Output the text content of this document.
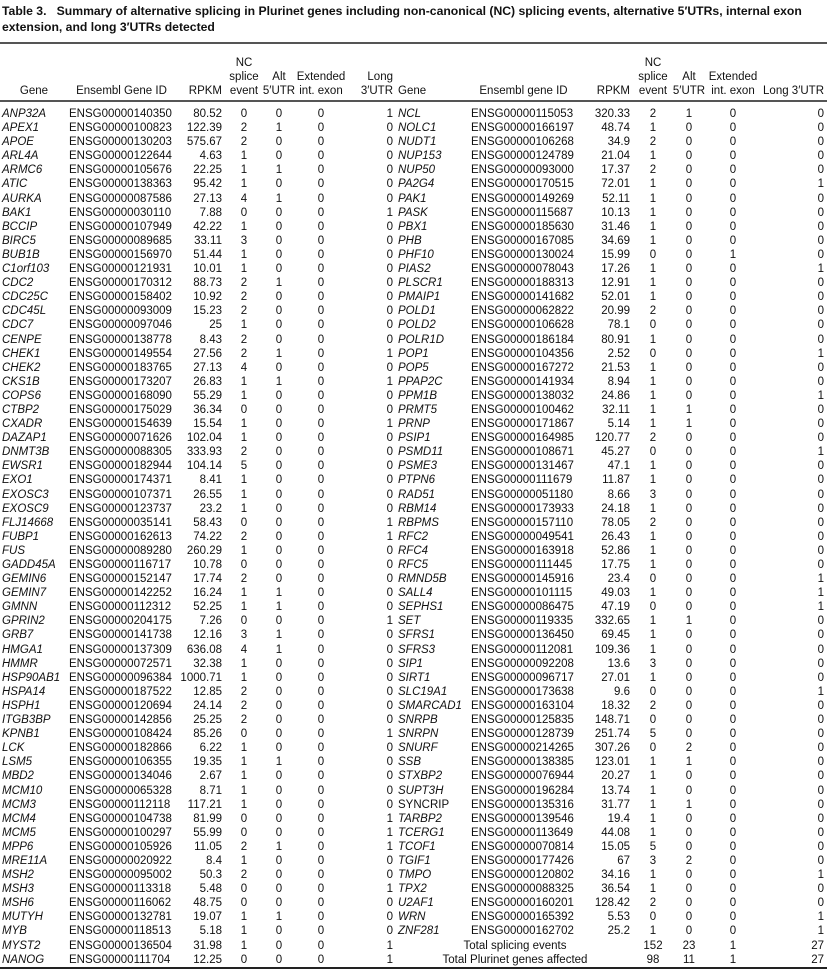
Table 3. Summary of alternative splicing in Plurinet genes including non-canonical (NC) splicing events, alternative 5′UTRs, internal exon extension, and long 3′UTRs detected
Gene	Ensembl Gene ID	RPKM	NC splice event	Alt 5′UTR	Extended int. exon	Long 3′UTR	Gene	Ensembl gene ID	RPKM	NC splice event	Alt 5′UTR	Extended int. exon	Long 3′UTR
ANP32A	ENSG00000140350	80.52	0	0	0	1	NCL	ENSG00000115053	320.33	2	1	0	0
APEX1	ENSG00000100823	122.39	2	1	0	0	NOLC1	ENSG00000166197	48.74	1	0	0	0
APOE	ENSG00000130203	575.67	2	0	0	0	NUDT1	ENSG00000106268	34.9	2	0	0	0
ARL4A	ENSG00000122644	4.63	1	0	0	0	NUP153	ENSG00000124789	21.04	1	0	0	0
ARMC6	ENSG00000105676	22.25	1	1	0	0	NUP50	ENSG00000093000	17.37	2	0	0	0
ATIC	ENSG00000138363	95.42	1	0	0	0	PA2G4	ENSG00000170515	72.01	1	0	0	1
AURKA	ENSG00000087586	27.13	4	1	0	0	PAK1	ENSG00000149269	52.11	1	0	0	0
BAK1	ENSG00000030110	7.88	0	0	0	1	PASK	ENSG00000115687	10.13	1	0	0	0
BCCIP	ENSG00000107949	42.22	1	0	0	0	PBX1	ENSG00000185630	31.46	1	0	0	0
BIRC5	ENSG00000089685	33.11	3	0	0	0	PHB	ENSG00000167085	34.69	1	0	0	0
BUB1B	ENSG00000156970	51.44	1	0	0	0	PHF10	ENSG00000130024	15.99	0	0	1	0
C1orf103	ENSG00000121931	10.01	1	0	0	0	PIAS2	ENSG00000078043	17.26	1	0	0	1
CDC2	ENSG00000170312	88.73	2	1	0	0	PLSCR1	ENSG00000188313	12.91	1	0	0	0
CDC25C	ENSG00000158402	10.92	2	0	0	0	PMAIP1	ENSG00000141682	52.01	1	0	0	0
CDC45L	ENSG00000093009	15.23	2	0	0	0	POLD1	ENSG00000062822	20.99	2	0	0	0
CDC7	ENSG00000097046	25	1	0	0	0	POLD2	ENSG00000106628	78.1	0	0	0	0
CENPE	ENSG00000138778	8.43	2	0	0	0	POLR1D	ENSG00000186184	80.91	1	0	0	0
CHEK1	ENSG00000149554	27.56	2	1	0	1	POP1	ENSG00000104356	2.52	0	0	0	1
CHEK2	ENSG00000183765	27.13	4	0	0	0	POP5	ENSG00000167272	21.53	1	0	0	0
CKS1B	ENSG00000173207	26.83	1	1	0	1	PPAP2C	ENSG00000141934	8.94	1	0	0	0
COPS6	ENSG00000168090	55.29	1	0	0	0	PPM1B	ENSG00000138032	24.86	1	0	0	1
CTBP2	ENSG00000175029	36.34	0	0	0	0	PRMT5	ENSG00000100462	32.11	1	1	0	0
CXADR	ENSG00000154639	15.54	1	0	0	1	PRNP	ENSG00000171867	5.14	1	1	0	0
DAZAP1	ENSG00000071626	102.04	1	0	0	0	PSIP1	ENSG00000164985	120.77	2	0	0	0
DNMT3B	ENSG00000088305	333.93	2	0	0	0	PSMD11	ENSG00000108671	45.27	0	0	0	1
EWSR1	ENSG00000182944	104.14	5	0	0	0	PSME3	ENSG00000131467	47.1	1	0	0	0
EXO1	ENSG00000174371	8.41	1	0	0	0	PTPN6	ENSG00000111679	11.87	1	0	0	0
EXOSC3	ENSG00000107371	26.55	1	0	0	0	RAD51	ENSG00000051180	8.66	3	0	0	0
EXOSC9	ENSG00000123737	23.2	1	0	0	0	RBM14	ENSG00000173933	24.18	1	0	0	0
FLJ14668	ENSG00000035141	58.43	0	0	0	1	RBPMS	ENSG00000157110	78.05	2	0	0	0
FUBP1	ENSG00000162613	74.22	2	0	0	1	RFC2	ENSG00000049541	26.43	1	0	0	0
FUS	ENSG00000089280	260.29	1	0	0	0	RFC4	ENSG00000163918	52.86	1	0	0	0
GADD45A	ENSG00000116717	10.78	0	0	0	0	RFC5	ENSG00000111445	17.75	1	0	0	0
GEMIN6	ENSG00000152147	17.74	2	0	0	0	RMND5B	ENSG00000145916	23.4	0	0	0	1
GEMIN7	ENSG00000142252	16.24	1	1	0	0	SALL4	ENSG00000101115	49.03	1	0	0	1
GMNN	ENSG00000112312	52.25	1	1	0	0	SEPHS1	ENSG00000086475	47.19	0	0	0	1
GPRIN2	ENSG00000204175	7.26	0	0	0	1	SET	ENSG00000119335	332.65	1	1	0	0
GRB7	ENSG00000141738	12.16	3	1	0	0	SFRS1	ENSG00000136450	69.45	1	0	0	0
HMGA1	ENSG00000137309	636.08	4	1	0	0	SFRS3	ENSG00000112081	109.36	1	0	0	0
HMMR	ENSG00000072571	32.38	1	0	0	0	SIP1	ENSG00000092208	13.6	3	0	0	0
HSP90AB1	ENSG00000096384	1000.71	1	0	0	0	SIRT1	ENSG00000096717	27.01	1	0	0	0
HSPA14	ENSG00000187522	12.85	2	0	0	0	SLC19A1	ENSG00000173638	9.6	0	0	0	1
HSPH1	ENSG00000120694	24.14	2	0	0	0	SMARCAD1	ENSG00000163104	18.32	2	0	0	0
ITGB3BP	ENSG00000142856	25.25	2	0	0	0	SNRPB	ENSG00000125835	148.71	0	0	0	0
KPNB1	ENSG00000108424	85.26	0	0	0	1	SNRPN	ENSG00000128739	251.74	5	0	0	0
LCK	ENSG00000182866	6.22	1	0	0	0	SNURF	ENSG00000214265	307.26	0	2	0	0
LSM5	ENSG00000106355	19.35	1	1	0	0	SSB	ENSG00000138385	123.01	1	1	0	0
MBD2	ENSG00000134046	2.67	1	0	0	0	STXBP2	ENSG00000076944	20.27	1	0	0	0
MCM10	ENSG00000065328	8.71	1	0	0	0	SUPT3H	ENSG00000196284	13.74	1	0	0	0
MCM3	ENSG00000112118	117.21	1	0	0	0	SYNCRIP	ENSG00000135316	31.77	1	1	0	0
MCM4	ENSG00000104738	81.99	0	0	0	1	TARBP2	ENSG00000139546	19.4	1	0	0	0
MCM5	ENSG00000100297	55.99	0	0	0	1	TCERG1	ENSG00000113649	44.08	1	0	0	0
MPP6	ENSG00000105926	11.05	2	1	0	1	TCOF1	ENSG00000070814	15.05	5	0	0	0
MRE11A	ENSG00000020922	8.4	1	0	0	0	TGIF1	ENSG00000177426	67	3	2	0	0
MSH2	ENSG00000095002	50.3	2	0	0	0	TMPO	ENSG00000120802	34.16	1	0	0	1
MSH3	ENSG00000113318	5.48	0	0	0	1	TPX2	ENSG00000088325	36.54	1	0	0	0
MSH6	ENSG00000116062	48.75	0	0	0	0	U2AF1	ENSG00000160201	128.42	2	0	0	0
MUTYH	ENSG00000132781	19.07	1	1	0	0	WRN	ENSG00000165392	5.53	0	0	0	1
MYB	ENSG00000118513	5.18	1	0	0	0	ZNF281	ENSG00000162702	25.2	1	0	0	1
MYST2	ENSG00000136504	31.98	1	0	0	1	Total splicing events			152	23	1	27
NANOG	ENSG00000111704	12.25	0	0	0	1	Total Plurinet genes affected			98	11	1	27
